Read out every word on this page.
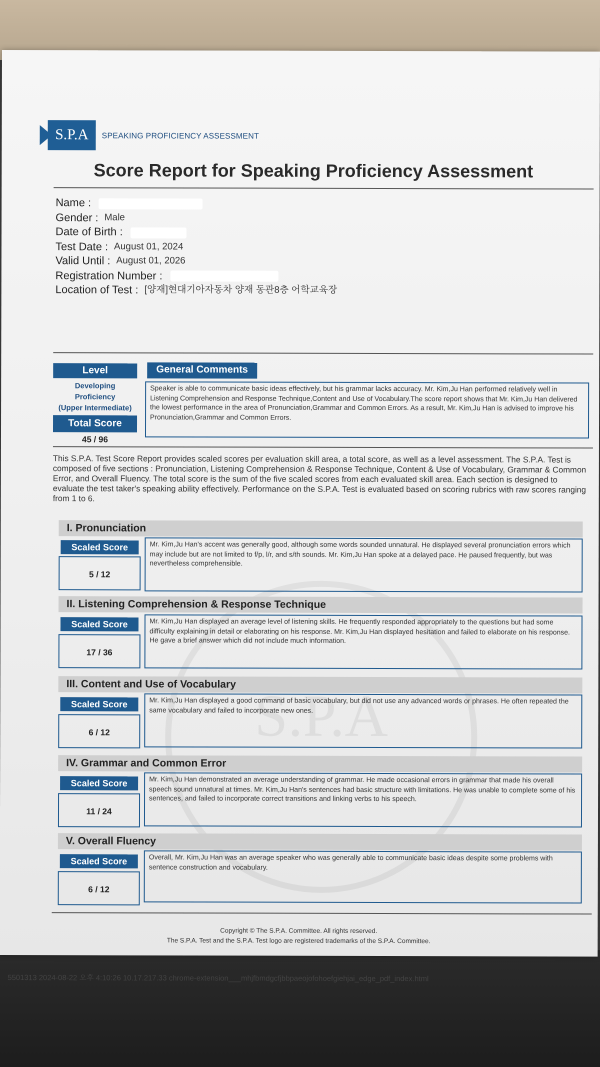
S.P.A	SPEAKING PROFICIENCY ASSESSMENT
Score Report for Speaking Proficiency Assessment
Name :
Gender : Male
Date of Birth :
Test Date : August 01, 2024
Valid Until : August 01, 2026
Registration Number :
Location of Test : [양재]현대기아자동차 양재 동관8층 어학교육장
Level
Developing
Proficiency
(Upper Intermediate)
Total Score
45 / 96
General Comments
Speaker is able to communicate basic ideas effectively, but his grammar lacks accuracy. Mr. Kim,Ju Han performed relatively well in Listening Comprehension and Response Technique,Content and Use of Vocabulary.The score report shows that Mr. Kim,Ju Han delivered the lowest performance in the area of Pronunciation,Grammar and Common Errors. As a result, Mr. Kim,Ju Han is advised to improve his Pronunciation,Grammar and Common Errors.
This S.P.A. Test Score Report provides scaled scores per evaluation skill area, a total score, as well as a level assessment. The S.P.A. Test is composed of five sections : Pronunciation, Listening Comprehension & Response Technique, Content & Use of Vocabulary, Grammar & Common Error, and Overall Fluency. The total score is the sum of the five scaled scores from each evaluated skill area. Each section is designed to evaluate the test taker's speaking ability effectively. Performance on the S.P.A. Test is evaluated based on scoring rubrics with raw scores ranging from 1 to 6.
S.P.A
I. Pronunciation
Scaled Score
5 / 12
Mr. Kim,Ju Han's accent was generally good, although some words sounded unnatural. He displayed several pronunciation errors which may include but are not limited to f/p, l/r, and s/th sounds. Mr. Kim,Ju Han spoke at a delayed pace. He paused frequently, but was nevertheless comprehensible.
II. Listening Comprehension & Response Technique
Scaled Score
17 / 36
Mr. Kim,Ju Han displayed an average level of listening skills. He frequently responded appropriately to the questions but had some difficulty explaining in detail or elaborating on his response. Mr. Kim,Ju Han displayed hesitation and failed to elaborate on his response. He gave a brief answer which did not include much information.
III. Content and Use of Vocabulary
Scaled Score
6 / 12
Mr. Kim,Ju Han displayed a good command of basic vocabulary, but did not use any advanced words or phrases. He often repeated the same vocabulary and failed to incorporate new ones.
IV. Grammar and Common Error
Scaled Score
11 / 24
Mr. Kim,Ju Han demonstrated an average understanding of grammar. He made occasional errors in grammar that made his overall speech sound unnatural at times. Mr. Kim,Ju Han's sentences had basic structure with limitations. He was unable to complete some of his sentences, and failed to incorporate correct transitions and linking verbs to his speech.
V. Overall Fluency
Scaled Score
6 / 12
Overall, Mr. Kim,Ju Han was an average speaker who was generally able to communicate basic ideas despite some problems with sentence construction and vocabulary.
Copyright © The S.P.A. Committee. All rights reserved.
The S.P.A. Test and the S.P.A. Test logo are registered trademarks of the S.P.A. Committee.
5501313 2024-08-22 오후 4:10:26 10.17.217.33 chrome-extension___mhjfbmdgcfjbbpaeojofohoefgiehjai_edge_pdf_index.html
